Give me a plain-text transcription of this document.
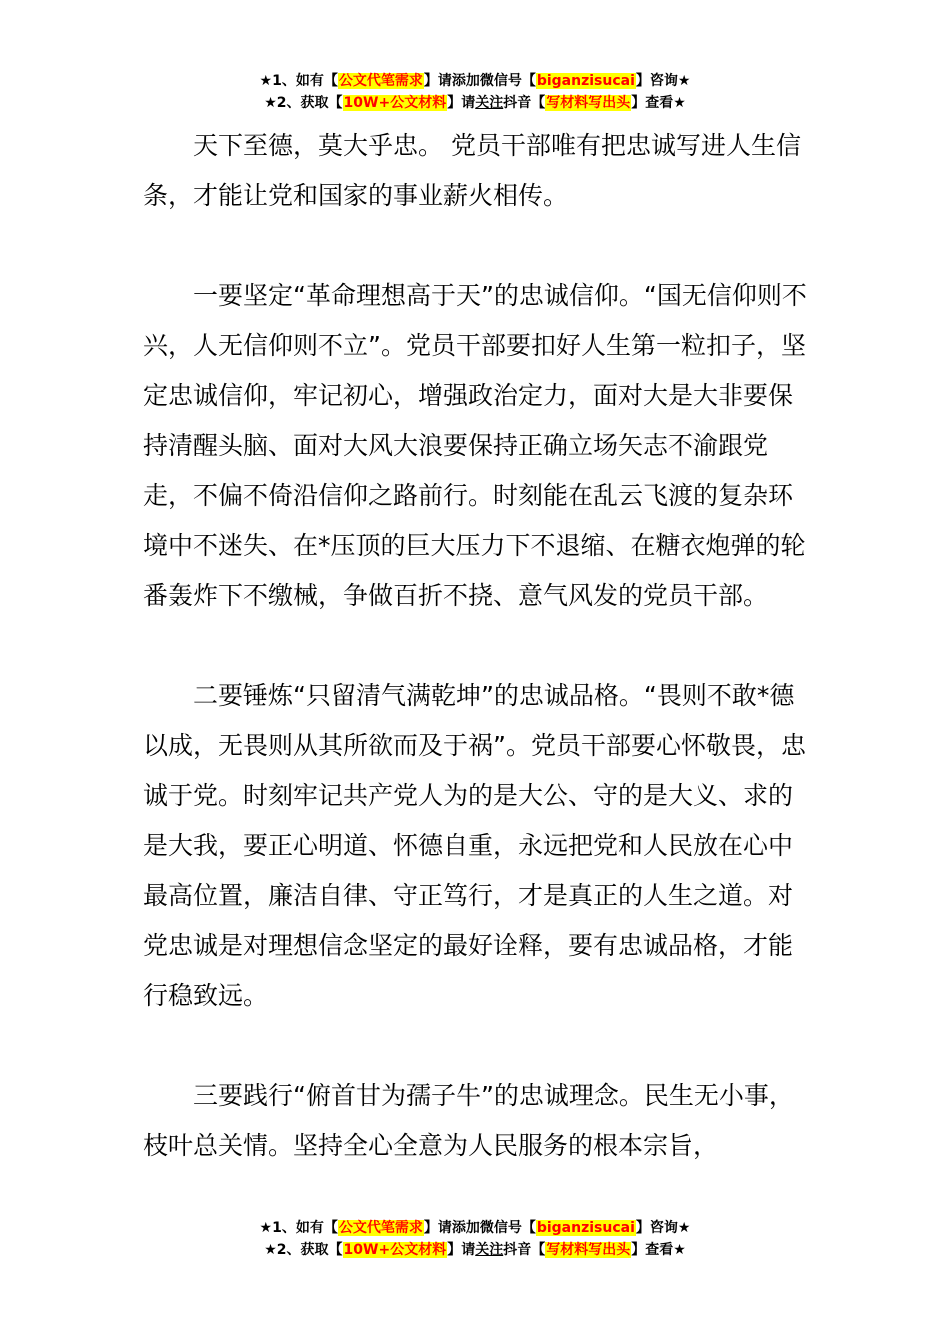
★1、如有【公文代笔需求】请添加微信号【biganzisucai】咨询★
★2、获取【10W+公文材料】请关注抖音【写材料写出头】查看★

天下至德，莫大乎忠。 党员干部唯有把忠诚写进人生信条，才能让党和国家的事业薪火相传。

一要坚定“革命理想高于天”的忠诚信仰。“国无信仰则不兴，人无信仰则不立”。党员干部要扣好人生第一粒扣子，坚定忠诚信仰，牢记初心，增强政治定力，面对大是大非要保持清醒头脑、面对大风大浪要保持正确立场矢志不渝跟党走，不偏不倚沿信仰之路前行。时刻能在乱云飞渡的复杂环境中不迷失、在*压顶的巨大压力下不退缩、在糖衣炮弹的轮番轰炸下不缴械，争做百折不挠、意气风发的党员干部。

二要锤炼“只留清气满乾坤”的忠诚品格。“畏则不敢*德以成，无畏则从其所欲而及于祸”。党员干部要心怀敬畏，忠诚于党。时刻牢记共产党人为的是大公、守的是大义、求的是大我，要正心明道、怀德自重，永远把党和人民放在心中最高位置，廉洁自律、守正笃行，才是真正的人生之道。对党忠诚是对理想信念坚定的最好诠释，要有忠诚品格，才能行稳致远。

三要践行“俯首甘为孺子牛”的忠诚理念。民生无小事，枝叶总关情。坚持全心全意为人民服务的根本宗旨，

★1、如有【公文代笔需求】请添加微信号【biganzisucai】咨询★
★2、获取【10W+公文材料】请关注抖音【写材料写出头】查看★
